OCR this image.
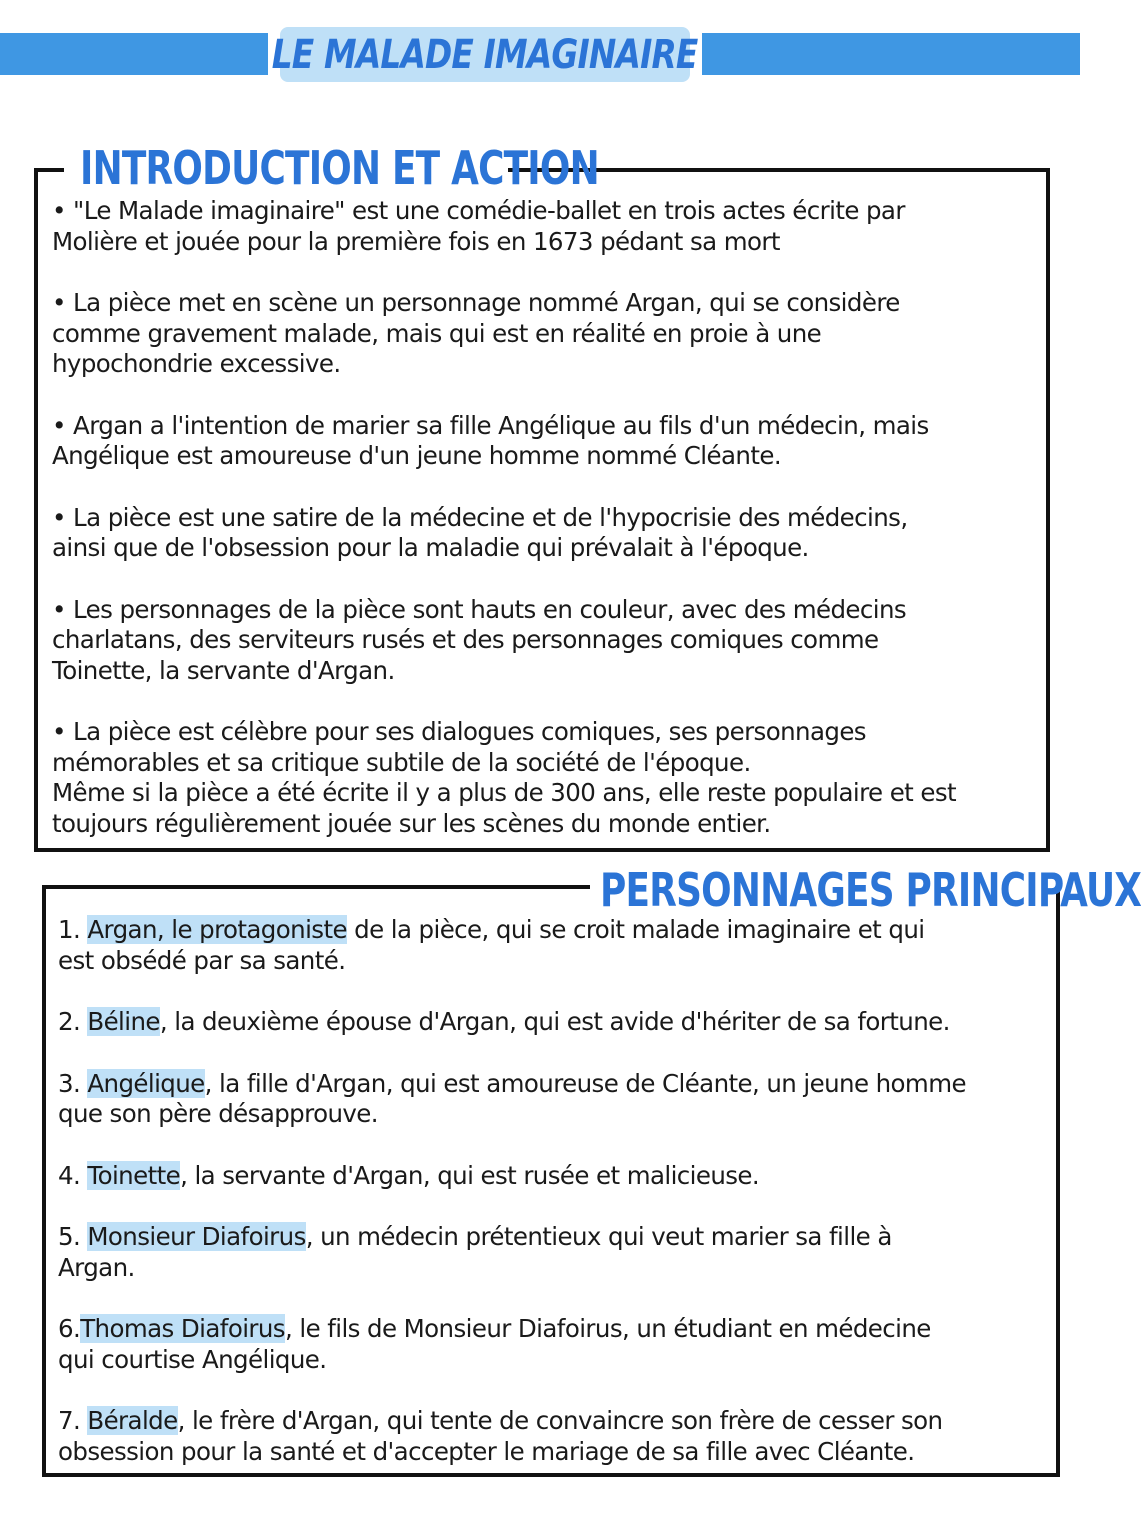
LE MALADE IMAGINAIRE
INTRODUCTION ET ACTION
• "Le Malade imaginaire" est une comédie-ballet en trois actes écrite par
Molière et jouée pour la première fois en 1673 pédant sa mort
• La pièce met en scène un personnage nommé Argan, qui se considère
comme gravement malade, mais qui est en réalité en proie à une
hypochondrie excessive.
• Argan a l'intention de marier sa fille Angélique au fils d'un médecin, mais
Angélique est amoureuse d'un jeune homme nommé Cléante.
• La pièce est une satire de la médecine et de l'hypocrisie des médecins,
ainsi que de l'obsession pour la maladie qui prévalait à l'époque.
• Les personnages de la pièce sont hauts en couleur, avec des médecins
charlatans, des serviteurs rusés et des personnages comiques comme
Toinette, la servante d'Argan.
• La pièce est célèbre pour ses dialogues comiques, ses personnages
mémorables et sa critique subtile de la société de l'époque.
Même si la pièce a été écrite il y a plus de 300 ans, elle reste populaire et est
toujours régulièrement jouée sur les scènes du monde entier.
PERSONNAGES PRINCIPAUX
1. Argan, le protagoniste de la pièce, qui se croit malade imaginaire et qui
est obsédé par sa santé.
2. Béline, la deuxième épouse d'Argan, qui est avide d'hériter de sa fortune.
3. Angélique, la fille d'Argan, qui est amoureuse de Cléante, un jeune homme
que son père désapprouve.
4. Toinette, la servante d'Argan, qui est rusée et malicieuse.
5. Monsieur Diafoirus, un médecin prétentieux qui veut marier sa fille à
Argan.
6.Thomas Diafoirus, le fils de Monsieur Diafoirus, un étudiant en médecine
qui courtise Angélique.
7. Béralde, le frère d'Argan, qui tente de convaincre son frère de cesser son
obsession pour la santé et d'accepter le mariage de sa fille avec Cléante.
